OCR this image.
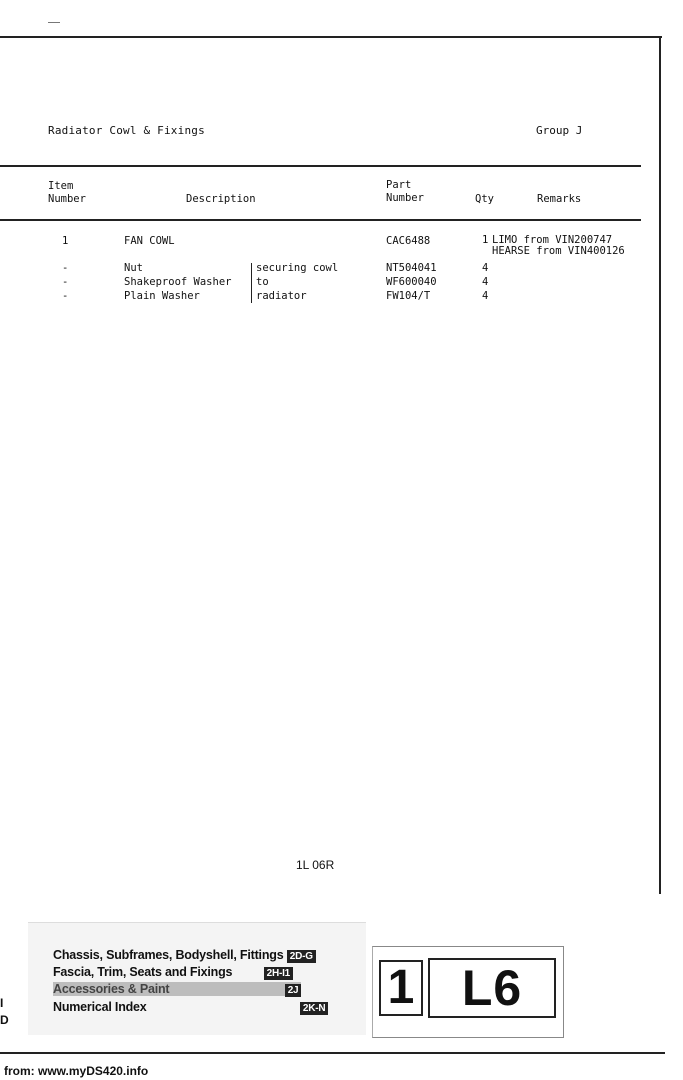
Radiator Cowl & Fixings	Group J
Item
Number	Description
Part
Number	Qty	Remarks
1	FAN COWL	CAC6488	1 LIMO from VIN200747
HEARSE from VIN400126
-	Nut	securing cowl	NT504041	4
-	Shakeproof Washer to	WF600040	4
-	Plain Washer	radiator	FW104/T	4
1L 06R
I
D
Chassis, Subframes, Bodyshell, Fittings 2D-G
Fascia, Trim, Seats and Fixings	2H-I1
Accessories & Paint	2J
Numerical Index	2K-N 1 L6
from: www.myDS420.info
